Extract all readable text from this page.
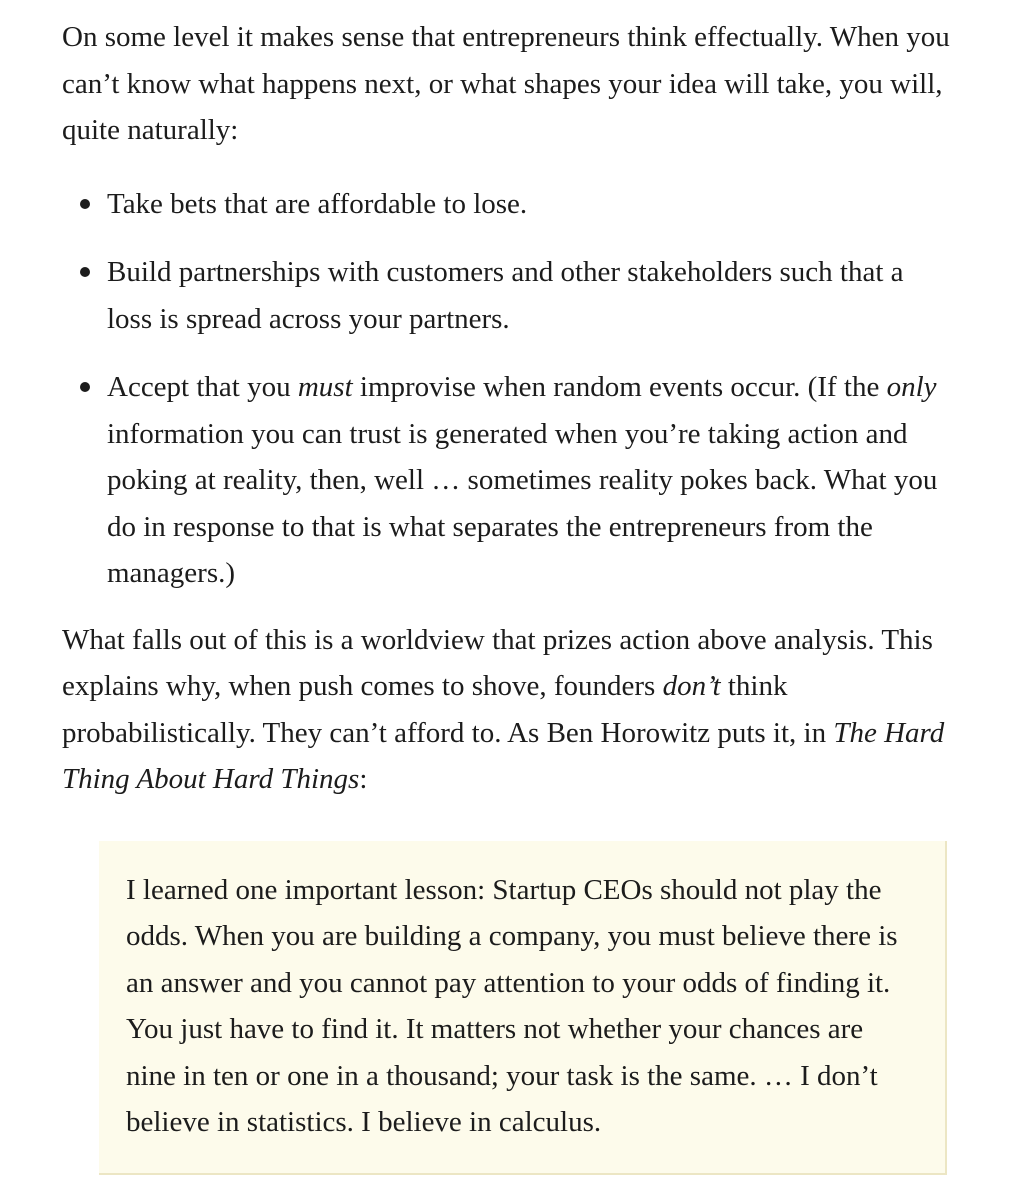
On some level it makes sense that entrepreneurs think effectually. When you can’t know what happens next, or what shapes your idea will take, you will, quite naturally:

Take bets that are affordable to lose.
Build partnerships with customers and other stakeholders such that a loss is spread across your partners.
Accept that you must improvise when random events occur. (If the only information you can trust is generated when you’re taking action and poking at reality, then, well … sometimes reality pokes back. What you do in response to that is what separates the entrepreneurs from the managers.)

What falls out of this is a worldview that prizes action above analysis. This explains why, when push comes to shove, founders don’t think probabilistically. They can’t afford to. As Ben Horowitz puts it, in The Hard Thing About Hard Things:

I learned one important lesson: Startup CEOs should not play the odds. When you are building a company, you must believe there is an answer and you cannot pay attention to your odds of finding it. You just have to find it. It matters not whether your chances are nine in ten or one in a thousand; your task is the same. … I don’t believe in statistics. I believe in calculus.
